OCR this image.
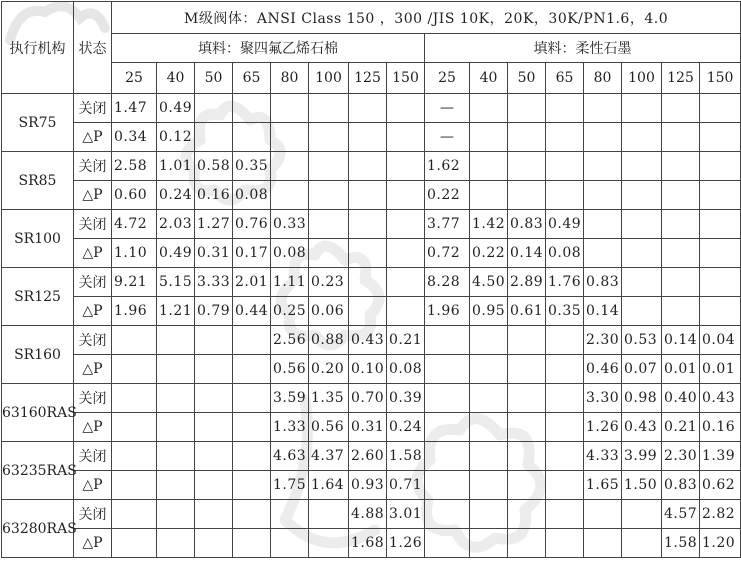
执行机构	状态	M级阀体：ANSI Class 150 ，300 /JIS 10K，20K，30K/PN1.6，4.0															
		填料：聚四氟乙烯石棉								填料：柔性石墨							
		25	40	50	65	80	100	125	150	25	40	50	65	80	100	125	150
SR75	关闭	1.47	0.49							—							
	△P	0.34	0.12							—							
SR85	关闭	2.58	1.01	0.58	0.35					1.62							
	△P	0.60	0.24	0.16	0.08					0.22							
SR100	关闭	4.72	2.03	1.27	0.76	0.33				3.77	1.42	0.83	0.49				
	△P	1.10	0.49	0.31	0.17	0.08				0.72	0.22	0.14	0.08				
SR125	关闭	9.21	5.15	3.33	2.01	1.11	0.23			8.28	4.50	2.89	1.76	0.83			
	△P	1.96	1.21	0.79	0.44	0.25	0.06			1.96	0.95	0.61	0.35	0.14			
SR160	关闭					2.56	0.88	0.43	0.21					2.30	0.53	0.14	0.04
	△P					0.56	0.20	0.10	0.08					0.46	0.07	0.01	0.01
63160RAS	关闭					3.59	1.35	0.70	0.39					3.30	0.98	0.40	0.43
	△P					1.33	0.56	0.31	0.24					1.26	0.43	0.21	0.16
63235RAS	关闭					4.63	4.37	2.60	1.58					4.33	3.99	2.30	1.39
	△P					1.75	1.64	0.93	0.71					1.65	1.50	0.83	0.62
63280RAS	关闭							4.88	3.01							4.57	2.82
	△P							1.68	1.26							1.58	1.20
